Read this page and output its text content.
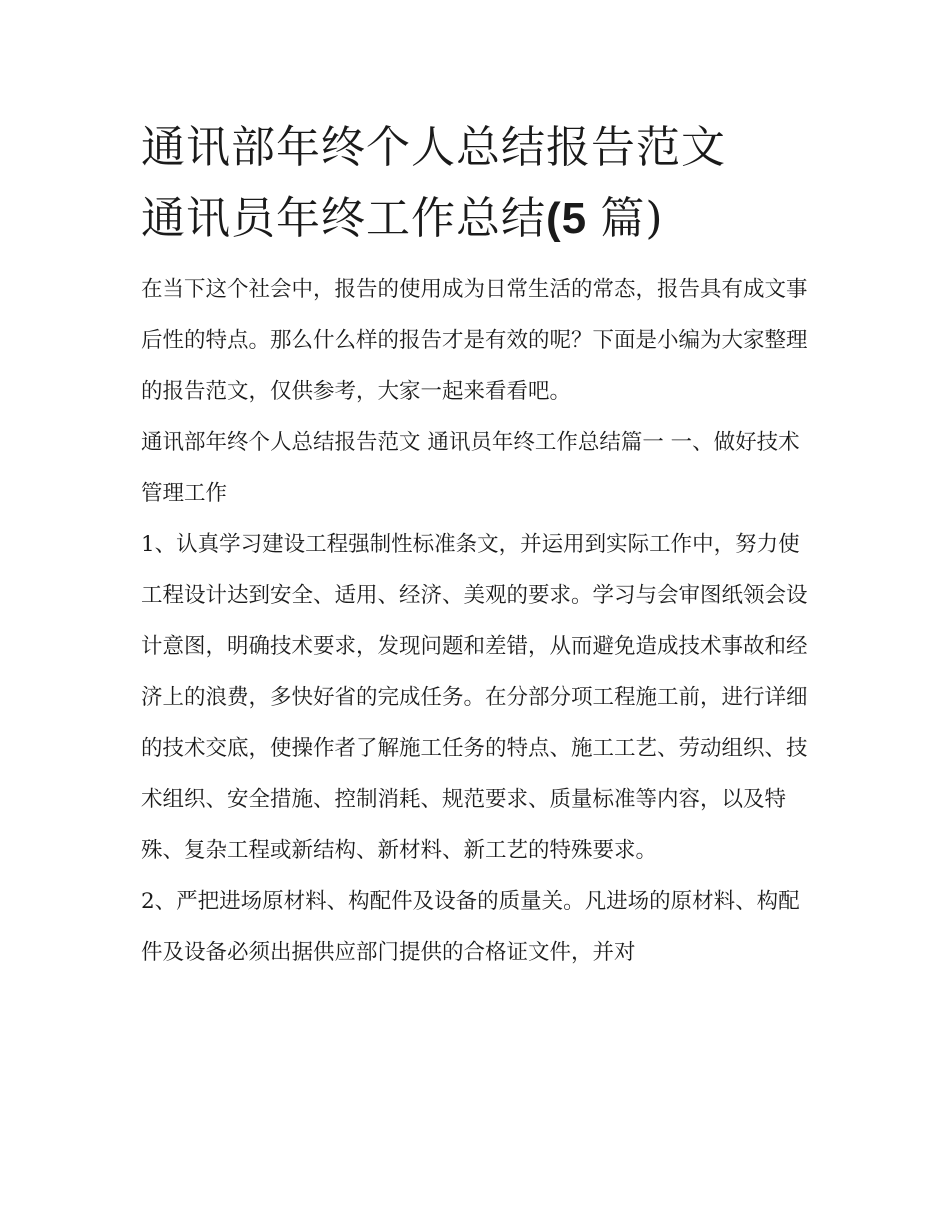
通讯部年终个人总结报告范文
通讯员年终工作总结(5 篇)

在当下这个社会中，报告的使用成为日常生活的常态，报告具有成文事后性的特点。那么什么样的报告才是有效的呢？下面是小编为大家整理的报告范文，仅供参考，大家一起来看看吧。

通讯部年终个人总结报告范文 通讯员年终工作总结篇一 一、做好技术管理工作

1、认真学习建设工程强制性标准条文，并运用到实际工作中，努力使工程设计达到安全、适用、经济、美观的要求。学习与会审图纸领会设计意图，明确技术要求，发现问题和差错，从而避免造成技术事故和经济上的浪费，多快好省的完成任务。在分部分项工程施工前，进行详细的技术交底，使操作者了解施工任务的特点、施工工艺、劳动组织、技术组织、安全措施、控制消耗、规范要求、质量标准等内容，以及特殊、复杂工程或新结构、新材料、新工艺的特殊要求。

2、严把进场原材料、构配件及设备的质量关。凡进场的原材料、构配件及设备必须出据供应部门提供的合格证文件，并对
